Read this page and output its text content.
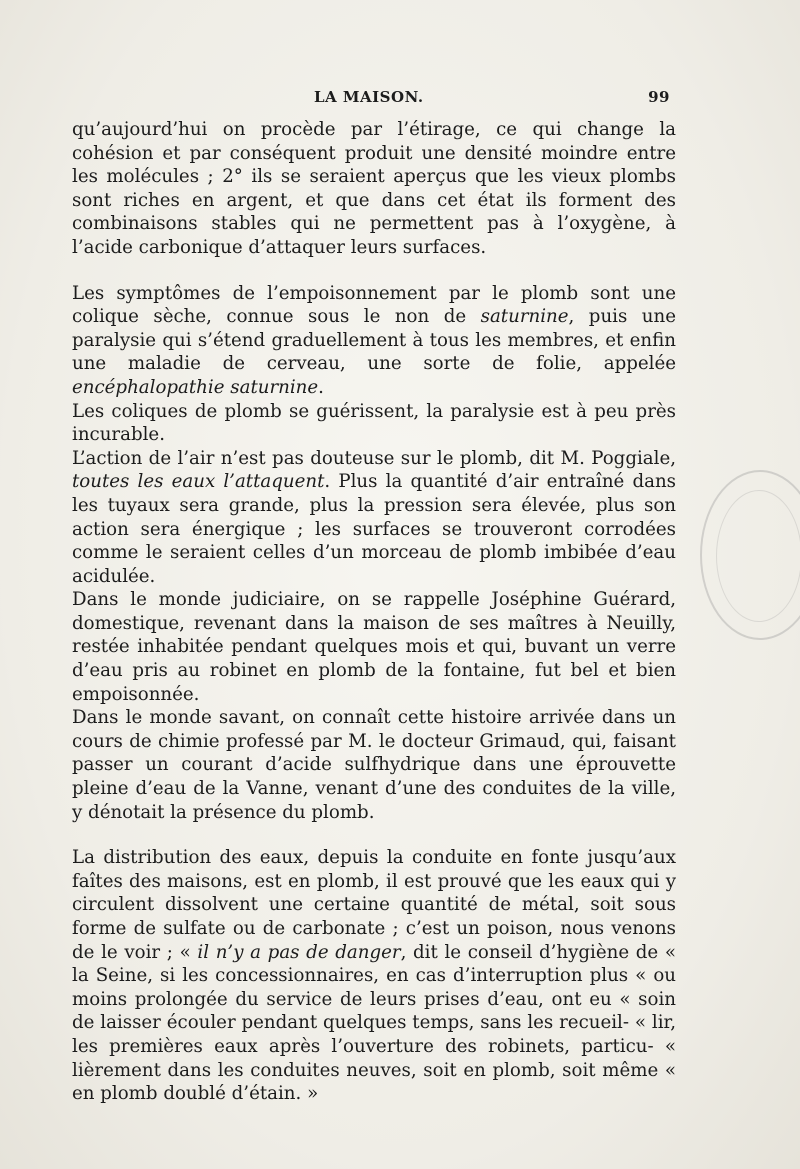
LA MAISON.	99

qu’aujourd’hui on procède par l’étirage, ce qui change la cohésion et par conséquent produit une densité moindre entre les molécules ; 2° ils se seraient aperçus que les vieux plombs sont riches en argent, et que dans cet état ils forment des combinaisons stables qui ne permettent pas à l’oxygène, à l’acide carbonique d’attaquer leurs surfaces.

Les symptômes de l’empoisonnement par le plomb sont une colique sèche, connue sous le non de saturnine, puis une paralysie qui s’étend graduellement à tous les membres, et enfin une maladie de cerveau, une sorte de folie, appelée encéphalopathie saturnine.

Les coliques de plomb se guérissent, la paralysie est à peu près incurable.

L’action de l’air n’est pas douteuse sur le plomb, dit M. Poggiale, toutes les eaux l’attaquent. Plus la quantité d’air entraîné dans les tuyaux sera grande, plus la pression sera élevée, plus son action sera énergique ; les surfaces se trouveront corrodées comme le seraient celles d’un morceau de plomb imbibée d’eau acidulée.

Dans le monde judiciaire, on se rappelle Joséphine Guérard, domestique, revenant dans la maison de ses maîtres à Neuilly, restée inhabitée pendant quelques mois et qui, buvant un verre d’eau pris au robinet en plomb de la fontaine, fut bel et bien empoisonnée.

Dans le monde savant, on connaît cette histoire arrivée dans un cours de chimie professé par M. le docteur Grimaud, qui, faisant passer un courant d’acide sulfhydrique dans une éprouvette pleine d’eau de la Vanne, venant d’une des conduites de la ville, y dénotait la présence du plomb.

La distribution des eaux, depuis la conduite en fonte jusqu’aux faîtes des maisons, est en plomb, il est prouvé que les eaux qui y circulent dissolvent une certaine quantité de métal, soit sous forme de sulfate ou de carbonate ; c’est un poison, nous venons de le voir ; « il n’y a pas de danger, dit le conseil d’hygiène de « la Seine, si les concessionnaires, en cas d’interruption plus « ou moins prolongée du service de leurs prises d’eau, ont eu « soin de laisser écouler pendant quelques temps, sans les recueil- « lir, les premières eaux après l’ouverture des robinets, particu- « lièrement dans les conduites neuves, soit en plomb, soit même « en plomb doublé d’étain. »
